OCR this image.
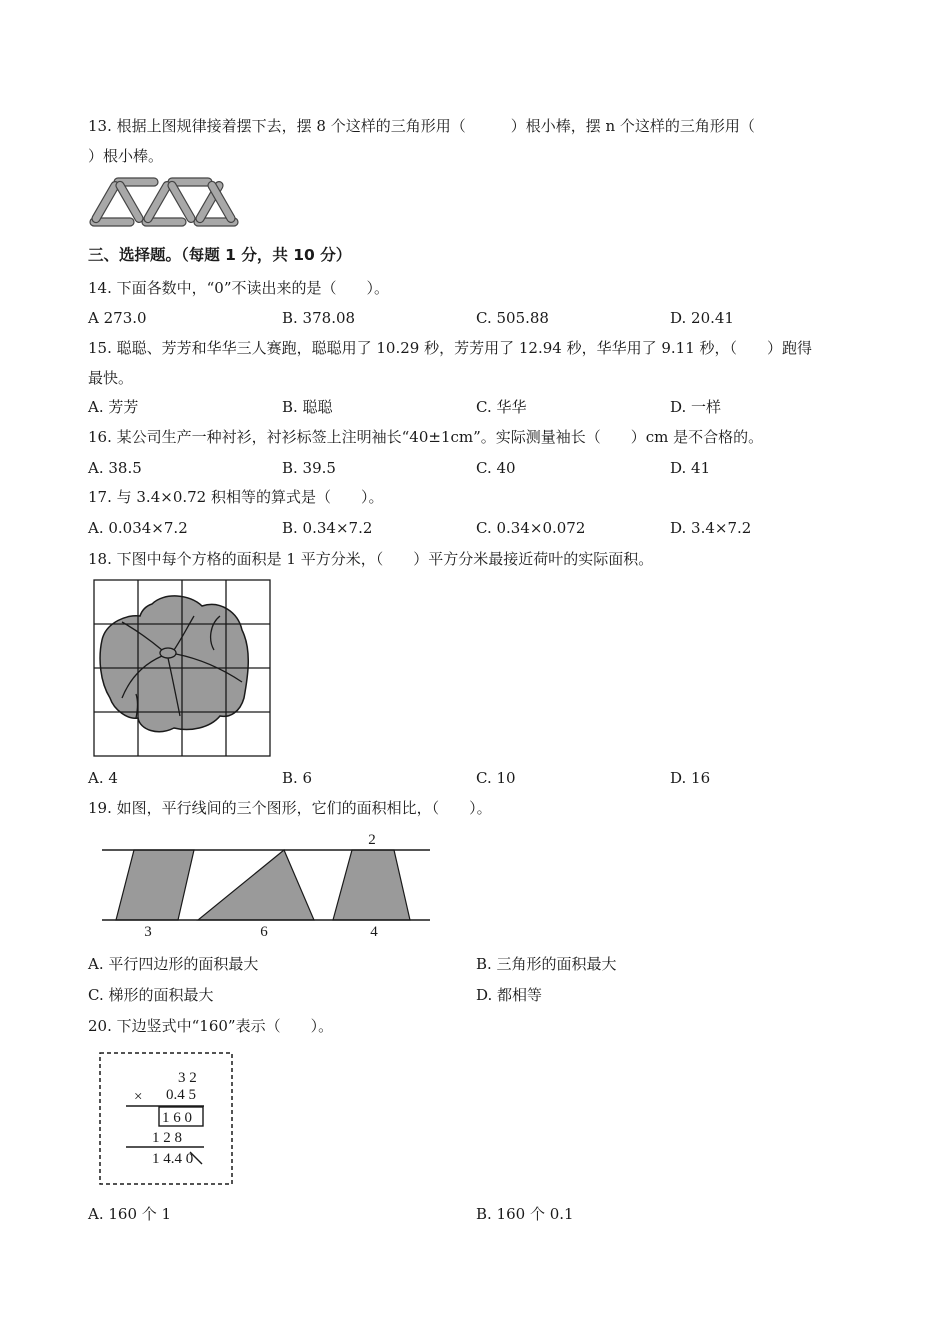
13. 根据上图规律接着摆下去，摆 8 个这样的三角形用（　　　）根小棒，摆 n 个这样的三角形用（
）根小棒。
三、选择题。（每题 1 分，共 10 分）
14. 下面各数中，“0”不读出来的是（　　）。
A 273.0	B. 378.08	C. 505.88	D. 20.41
15. 聪聪、芳芳和华华三人赛跑，聪聪用了 10.29 秒，芳芳用了 12.94 秒，华华用了 9.11 秒，（　　）跑得
最快。
A. 芳芳	B. 聪聪	C. 华华	D. 一样
16. 某公司生产一种衬衫，衬衫标签上注明袖长“40±1cm”。实际测量袖长（　　）cm 是不合格的。
A. 38.5	B. 39.5	C. 40	D. 41
17. 与 3.4×0.72 积相等的算式是（　　）。
A. 0.034×7.2	B. 0.34×7.2	C. 0.34×0.072	D. 3.4×7.2
18. 下图中每个方格的面积是 1 平方分米，（　　）平方分米最接近荷叶的实际面积。
A. 4	B. 6	C. 10	D. 16
19. 如图，平行线间的三个图形，它们的面积相比，（　　）。
2
3	6	4
A. 平行四边形的面积最大	B. 三角形的面积最大
C. 梯形的面积最大	D. 都相等
20. 下边竖式中“160”表示（　　）。
3 2
× 0.4 5
1 6 0
1 2 8
1 4.4 0
A. 160 个 1	B. 160 个 0.1
